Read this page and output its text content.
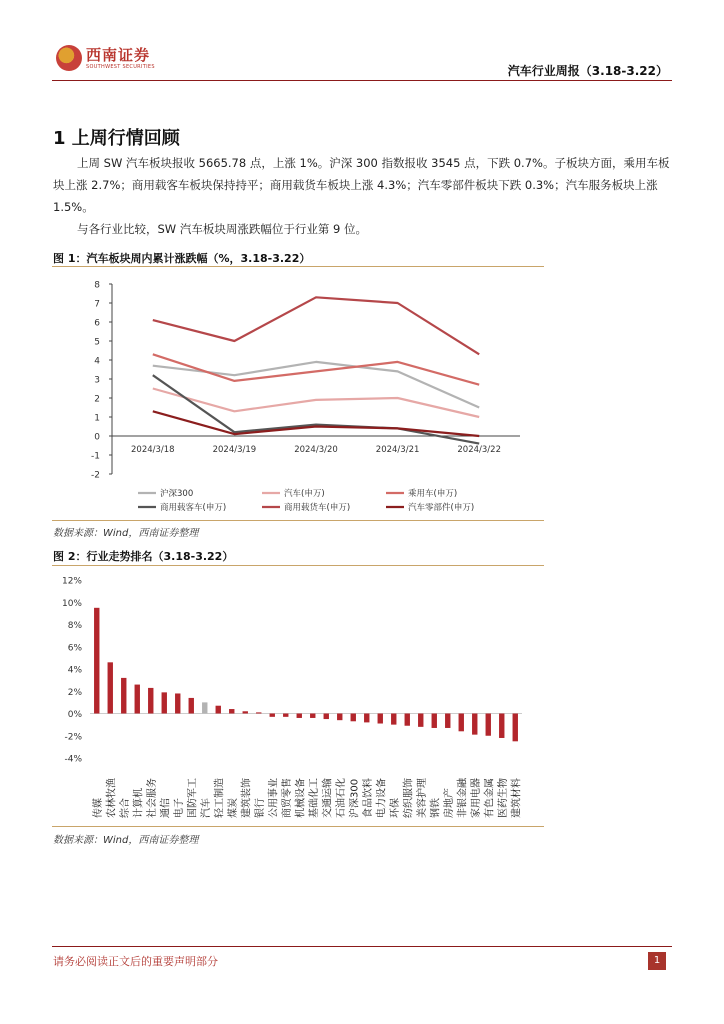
西南证券
SOUTHWEST SECURITIES	汽车行业周报（3.18-3.22）
1 上周行情回顾
上周 SW 汽车板块报收 5665.78 点，上涨 1%。沪深 300 指数报收 3545 点，下跌 0.7%。子板块方面，乘用车板块上涨 2.7%；商用载客车板块保持持平；商用载货车板块上涨 4.3%；汽车零部件板块下跌 0.3%；汽车服务板块上涨 1.5%。
与各行业比较，SW 汽车板块周涨跌幅位于行业第 9 位。
图 1：汽车板块周内累计涨跌幅（%，3.18-3.22）
-2
-1
0
1
2
3
4
5
6
7
8
2024/3/18	2024/3/19	2024/3/20	2024/3/21	2024/3/22
沪深300	汽车(申万)	乘用车(申万)
商用载客车(申万)	商用载货车(申万)	汽车零部件(申万)
数据来源：Wind，西南证券整理
图 2：行业走势排名（3.18-3.22）
-4%
-2%
0%
2%
4%
6%
8%
10%
12%
传媒 农林牧渔 综合 计算机 社会服务 通信 电子 国防军工 汽车 轻工制造 煤炭 建筑装饰 银行 公用事业 商贸零售 机械设备 基础化工 交通运输 石油石化 沪深300 食品饮料 电力设备 环保 纺织服饰 美容护理 钢铁 房地产 非银金融 家用电器 有色金属 医药生物 建筑材料
数据来源：Wind，西南证券整理
请务必阅读正文后的重要声明部分	1
